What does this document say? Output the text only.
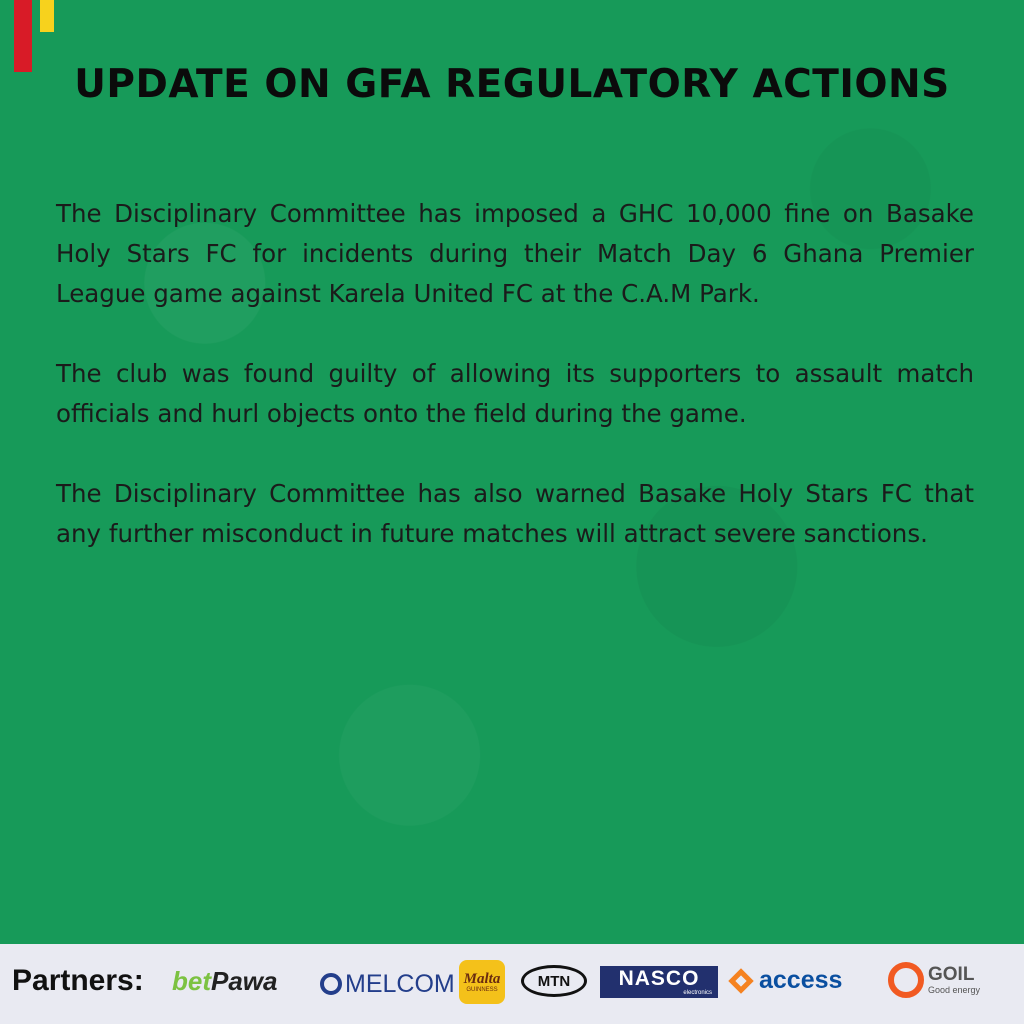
UPDATE ON GFA REGULATORY ACTIONS

The Disciplinary Committee has imposed a GHC 10,000 fine on Basake Holy Stars FC for incidents during their Match Day 6 Ghana Premier League game against Karela United FC at the C.A.M Park.

The club was found guilty of allowing its supporters to assault match officials and hurl objects onto the field during the game.

The Disciplinary Committee has also warned Basake Holy Stars FC that any further misconduct in future matches will attract severe sanctions.

Partners: bet Pawa	MELCOM Malta
GUINNESS	MTN NASCO
electronics access	GOIL
Good energy
